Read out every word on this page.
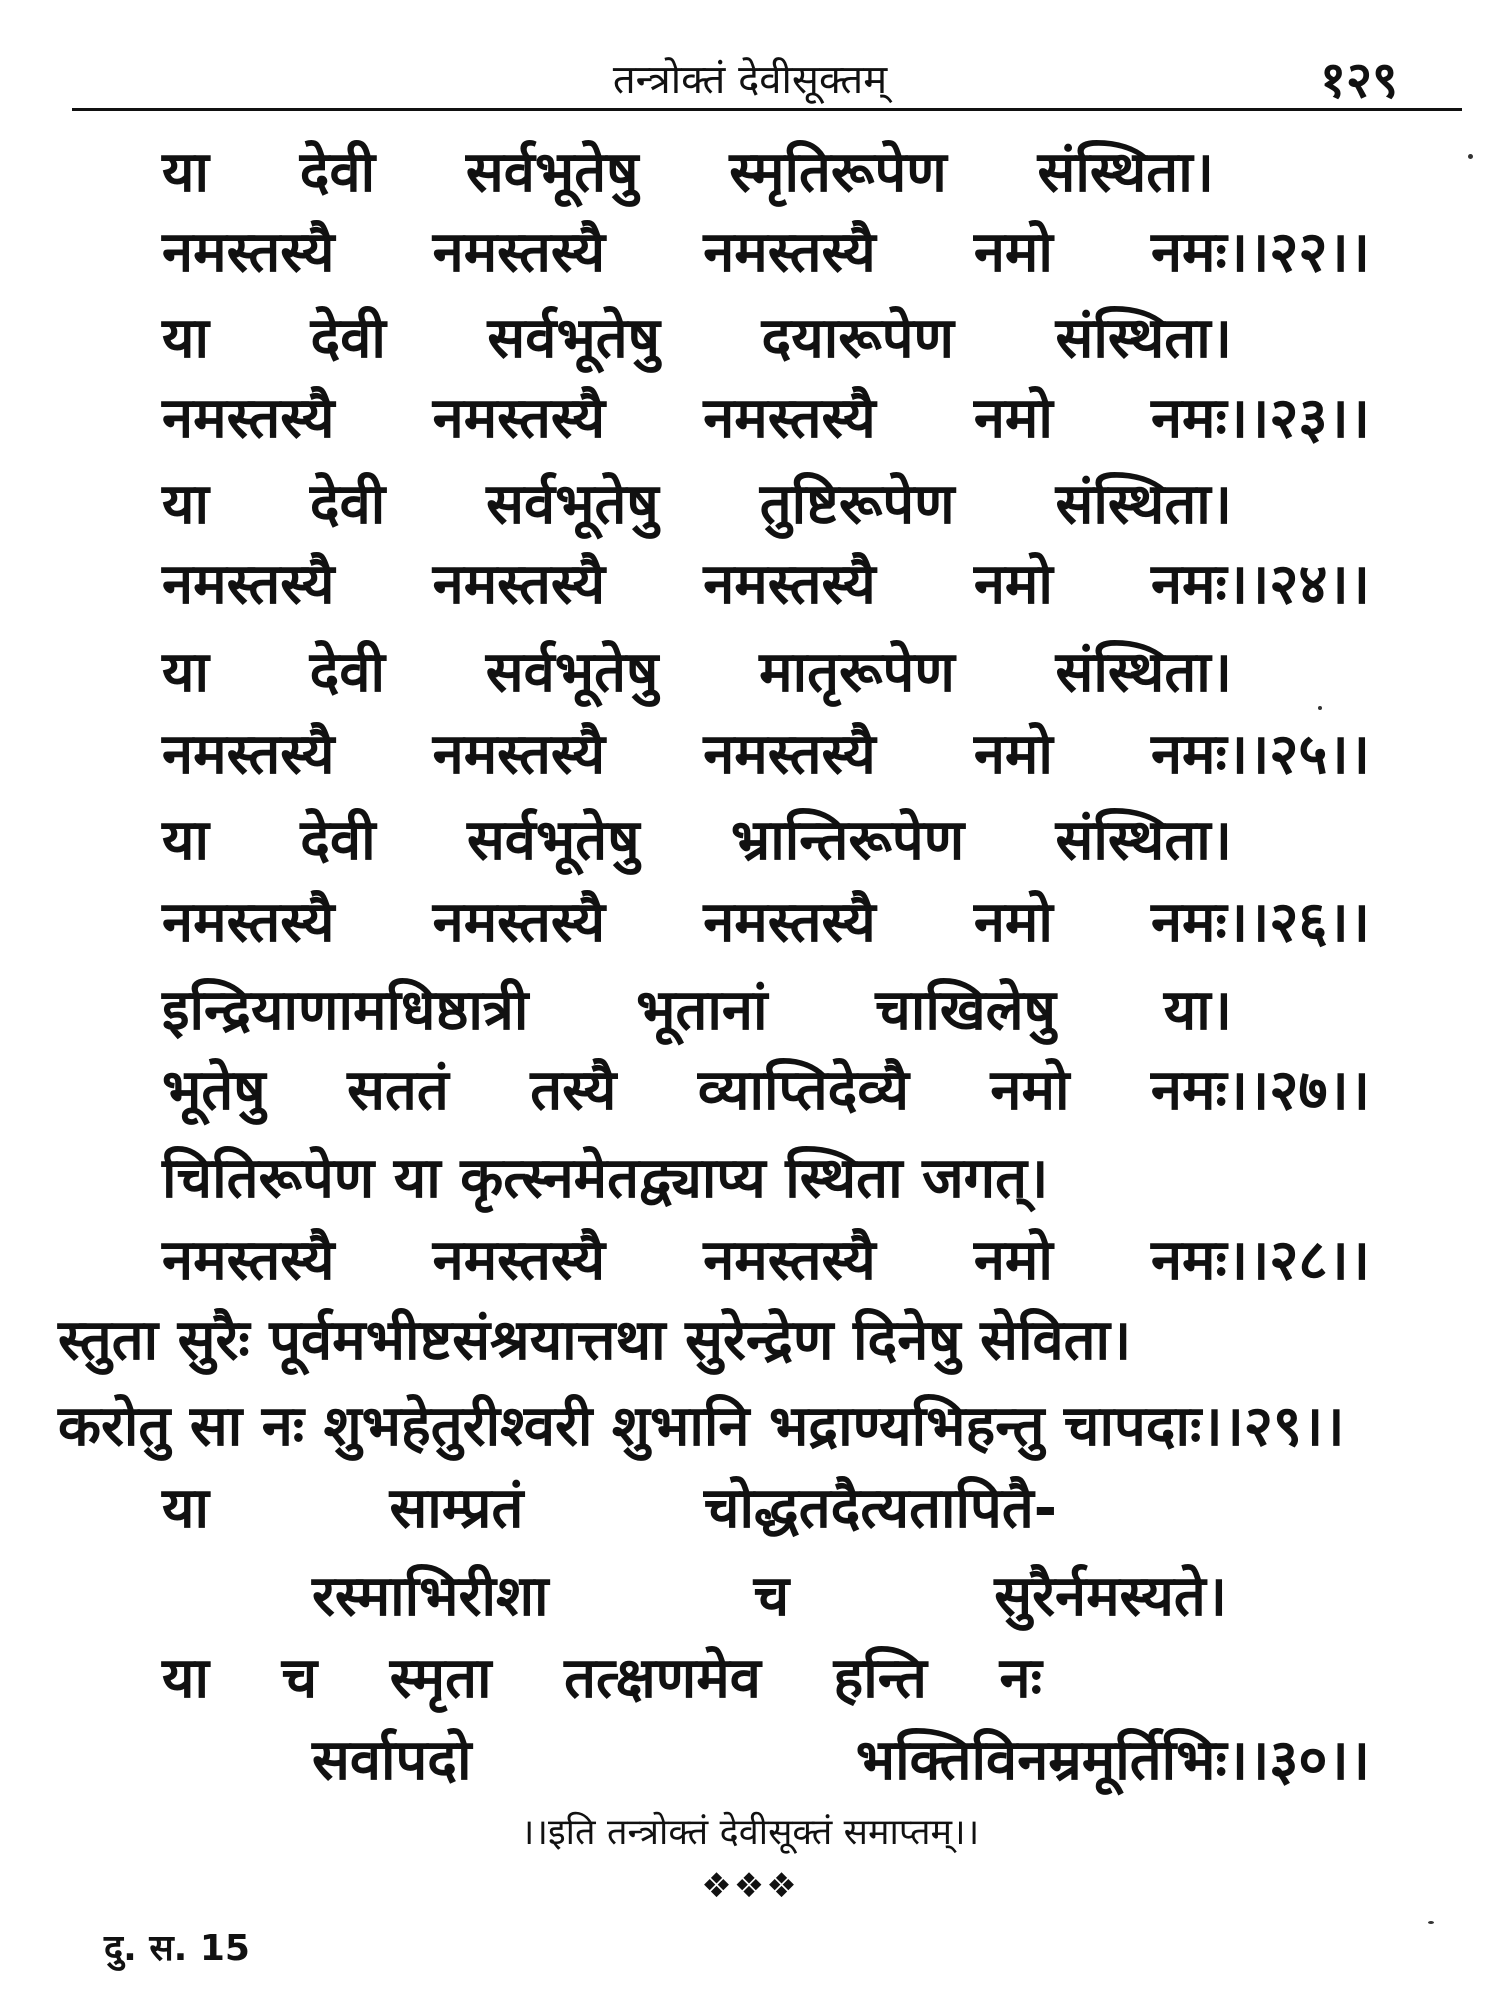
तन्त्रोक्तं देवीसूक्तम्	१२९
या देवी सर्वभूतेषु स्मृतिरूपेण संस्थिता।
नमस्तस्यै नमस्तस्यै नमस्तस्यै नमो नमः।।२२।।
या देवी सर्वभूतेषु दयारूपेण संस्थिता।
नमस्तस्यै नमस्तस्यै नमस्तस्यै नमो नमः।।२३।।
या देवी सर्वभूतेषु तुष्टिरूपेण संस्थिता।
नमस्तस्यै नमस्तस्यै नमस्तस्यै नमो नमः।।२४।।
या देवी सर्वभूतेषु मातृरूपेण संस्थिता।
नमस्तस्यै नमस्तस्यै नमस्तस्यै नमो नमः।।२५।।
या देवी सर्वभूतेषु भ्रान्तिरूपेण संस्थिता।
नमस्तस्यै नमस्तस्यै नमस्तस्यै नमो नमः।।२६।।
इन्द्रियाणामधिष्ठात्री भूतानां चाखिलेषु या।
भूतेषु सततं तस्यै व्याप्तिदेव्यै नमो नमः।।२७।।
चितिरूपेण या कृत्स्नमेतद्व्याप्य स्थिता जगत्।
नमस्तस्यै नमस्तस्यै नमस्तस्यै नमो नमः।।२८।।
स्तुता सुरैः पूर्वमभीष्टसंश्रयात्तथा सुरेन्द्रेण दिनेषु सेविता।
करोतु सा नः शुभहेतुरीश्वरी शुभानि भद्राण्यभिहन्तु चापदाः।।२९।।
या	साम्प्रतं	चोद्धतदैत्यतापितै-
रस्माभिरीशा	च	सुरैर्नमस्यते।
या च स्मृता तत्क्षणमेव हन्ति नः
सर्वापदो	भक्तिविनम्रमूर्तिभिः।।३०।।
।।इति तन्त्रोक्तं देवीसूक्तं समाप्तम्।।
❖❖❖
दु. स. 15
